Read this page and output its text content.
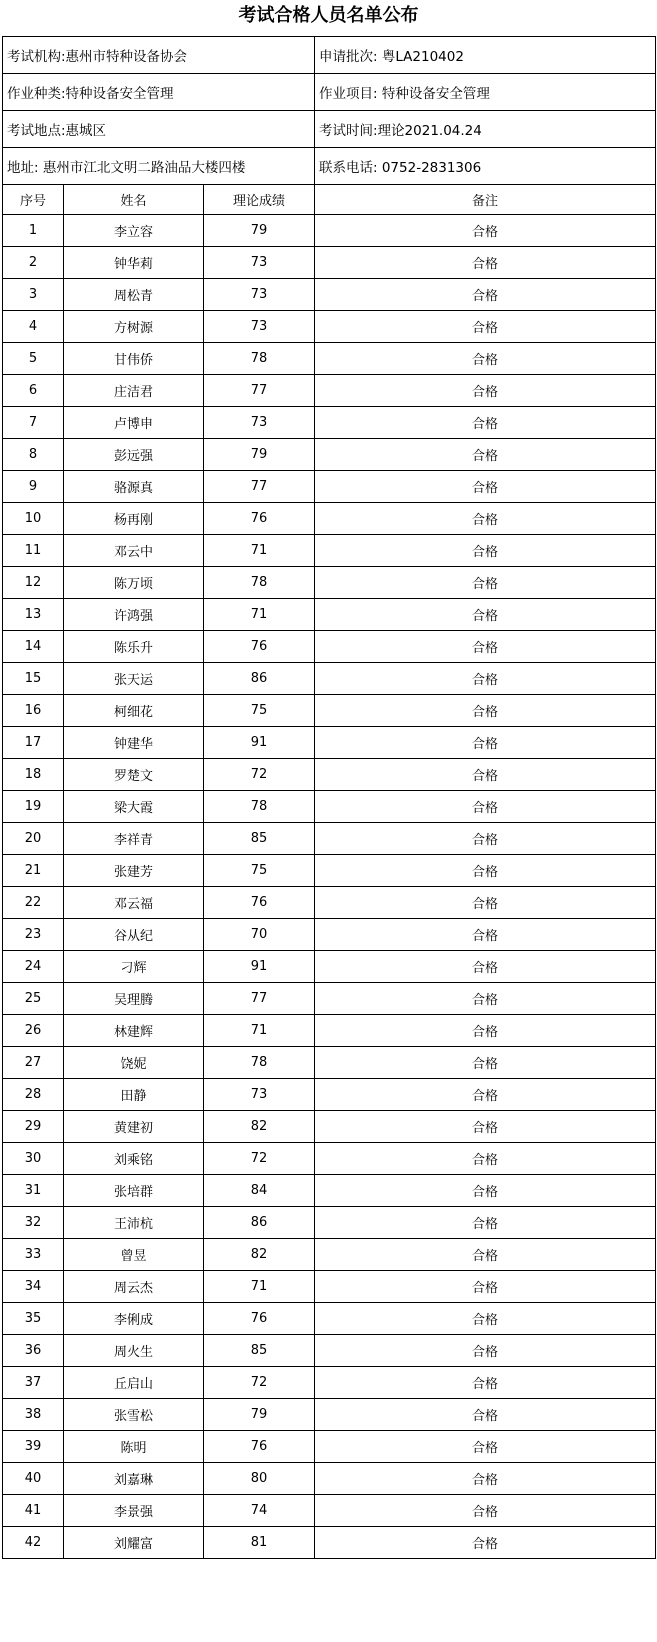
考试合格人员名单公布
考试机构:惠州市特种设备协会			申请批次: 粤LA210402
作业种类:特种设备安全管理			作业项目: 特种设备安全管理
考试地点:惠城区			考试时间:理论2021.04.24
地址: 惠州市江北文明二路油品大楼四楼			联系电话: 0752-2831306
序号	姓名	理论成绩	备注
1	李立容	79	合格
2	钟华莉	73	合格
3	周松青	73	合格
4	方树源	73	合格
5	甘伟侨	78	合格
6	庄洁君	77	合格
7	卢博申	73	合格
8	彭远强	79	合格
9	骆源真	77	合格
10	杨再刚	76	合格
11	邓云中	71	合格
12	陈万顷	78	合格
13	许鸿强	71	合格
14	陈乐升	76	合格
15	张天运	86	合格
16	柯细花	75	合格
17	钟建华	91	合格
18	罗楚文	72	合格
19	梁大霞	78	合格
20	李祥青	85	合格
21	张建芳	75	合格
22	邓云福	76	合格
23	谷从纪	70	合格
24	刁辉	91	合格
25	吴理腾	77	合格
26	林建辉	71	合格
27	饶妮	78	合格
28	田静	73	合格
29	黄建初	82	合格
30	刘乘铭	72	合格
31	张培群	84	合格
32	王沛杭	86	合格
33	曾昱	82	合格
34	周云杰	71	合格
35	李俐成	76	合格
36	周火生	85	合格
37	丘启山	72	合格
38	张雪松	79	合格
39	陈明	76	合格
40	刘嘉琳	80	合格
41	李景强	74	合格
42	刘耀富	81	合格
